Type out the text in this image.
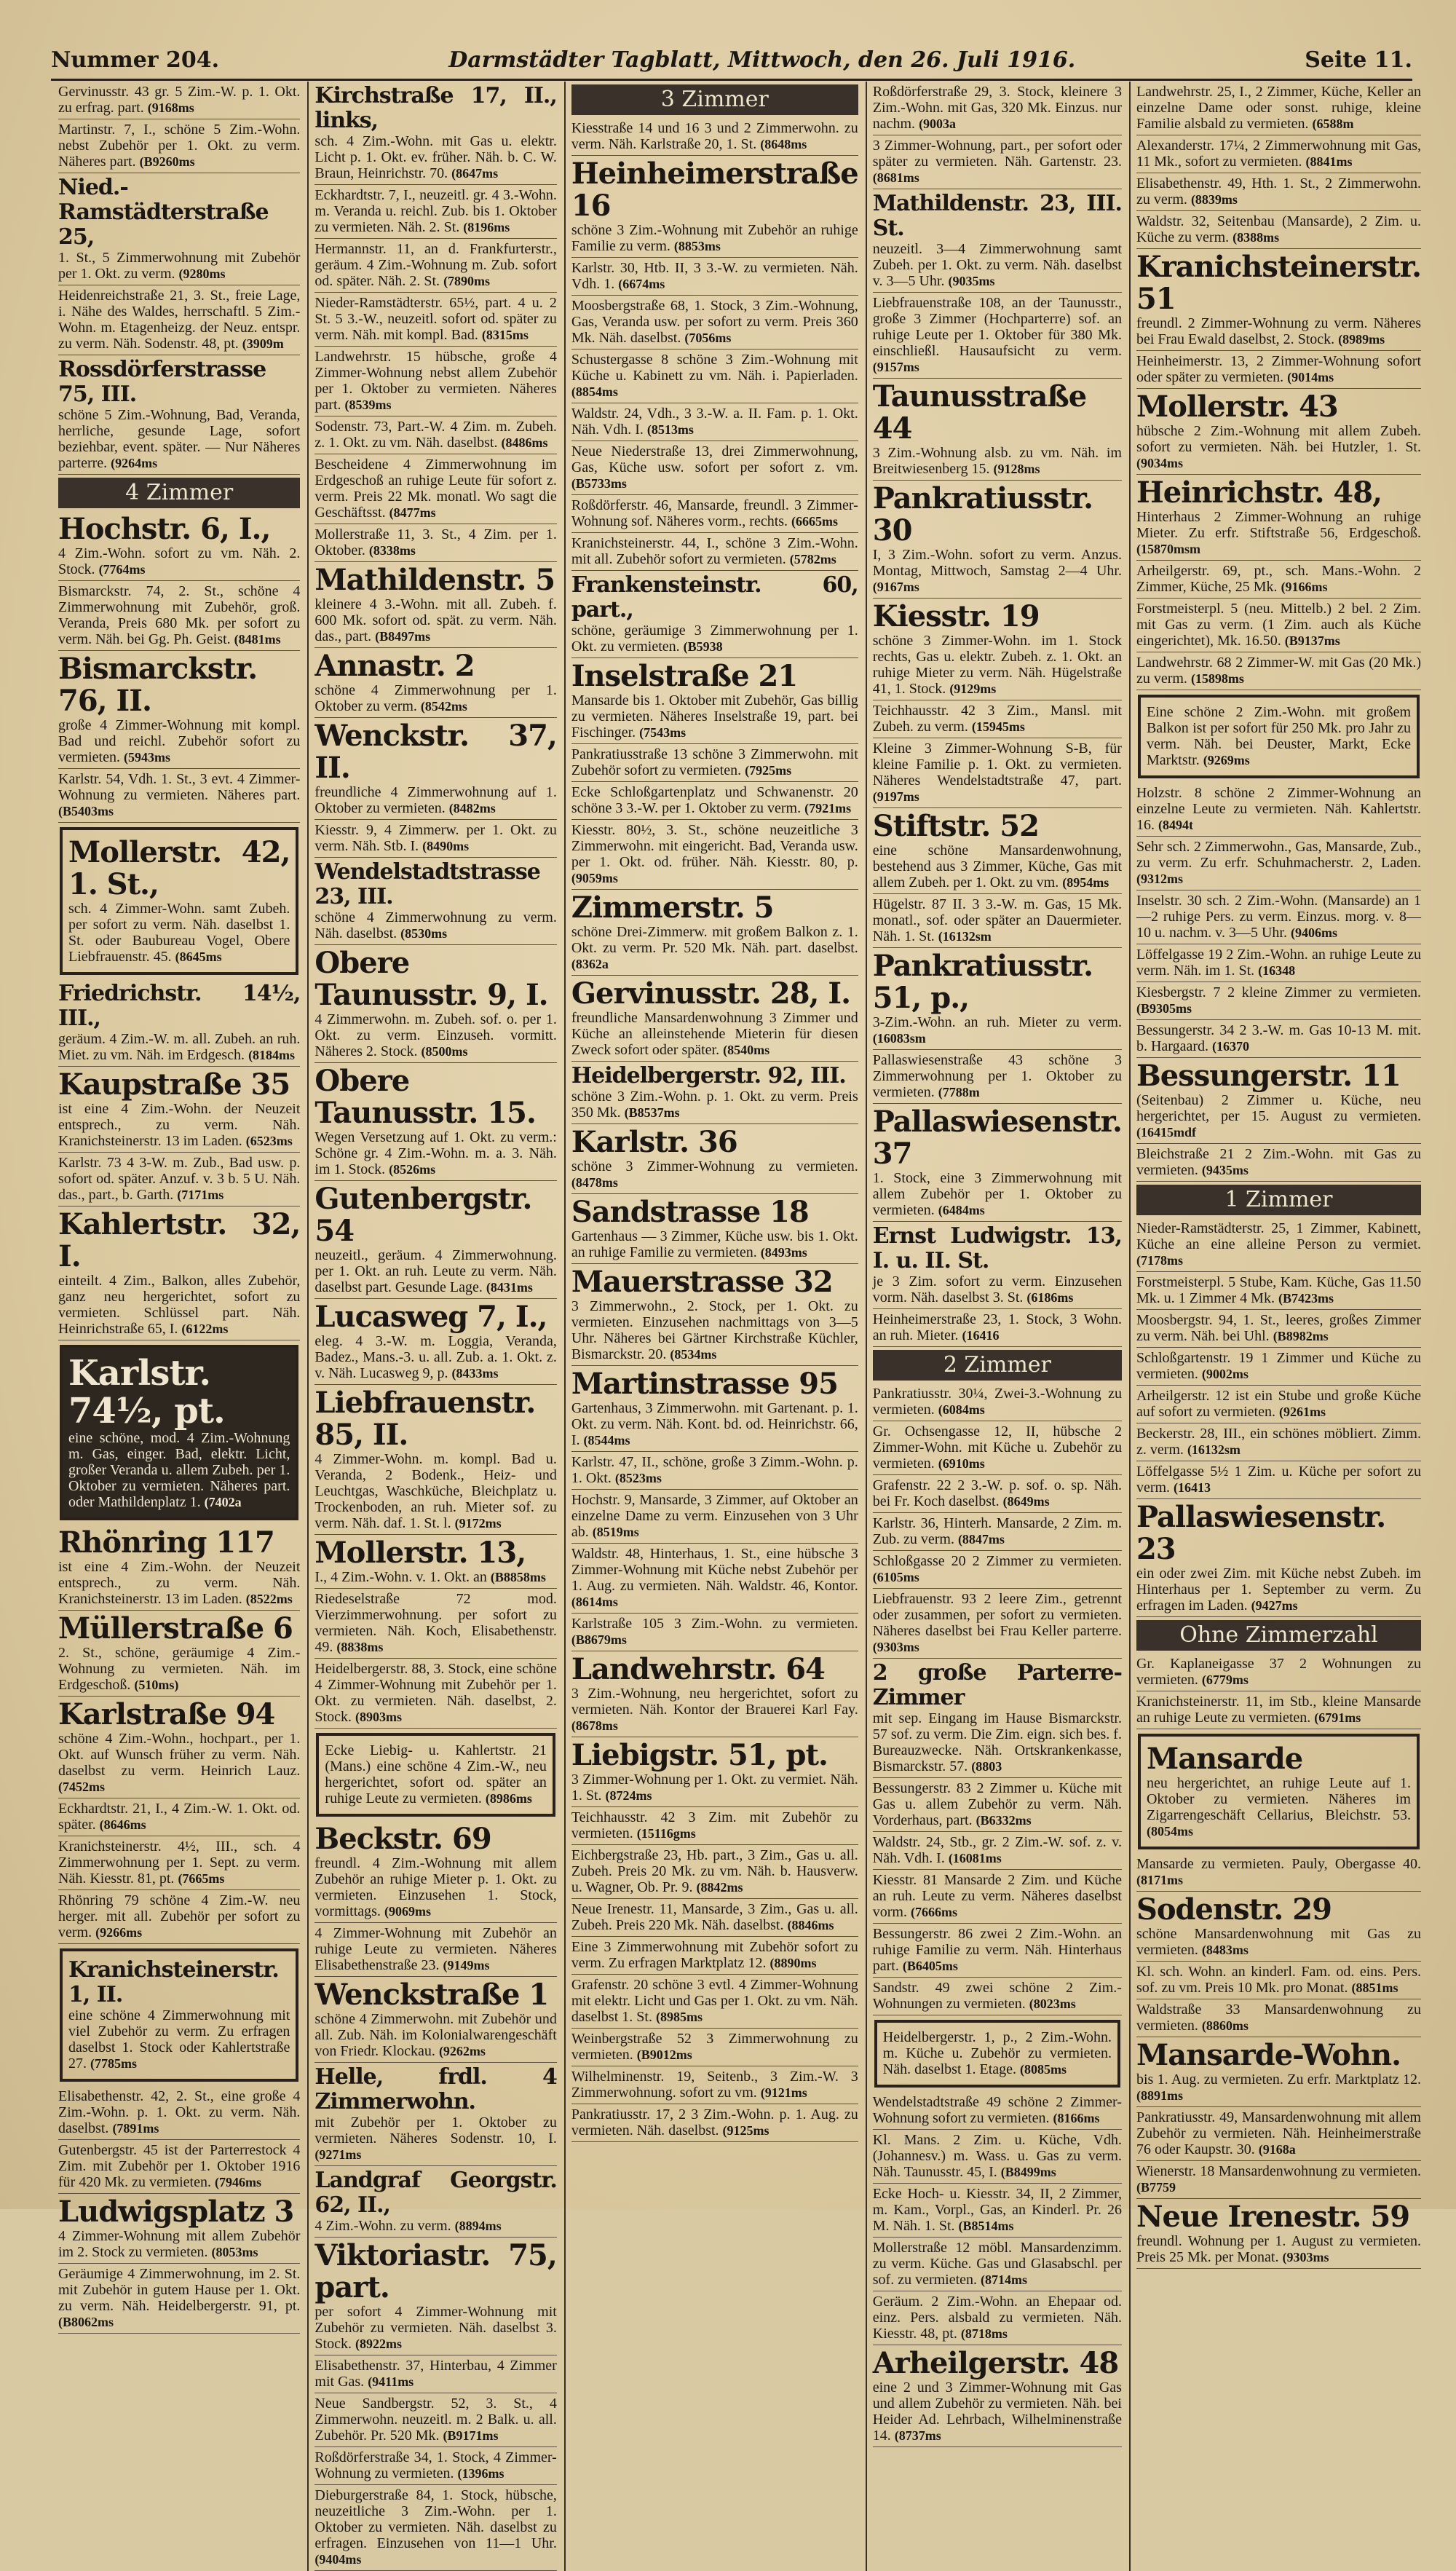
Nummer 204.	Darmstädter Tagblatt, Mittwoch, den 26. Juli 1916.	Seite 11.
Gervinusstr. 43 gr. 5 Zim.-W. p. 1. Okt. zu erfrag. part. (9168ms
Martinstr. 7, I., schöne 5 Zim.-Wohn. nebst Zubehör per 1. Okt. zu verm. Näheres part. (B9260ms
Nied.-Ramstädterstraße 25,
1. St., 5 Zimmerwohnung mit Zubehör per 1. Okt. zu verm. (9280ms
Heidenreichstraße 21, 3. St., freie Lage, i. Nähe des Waldes, herrschaftl. 5 Zim.-Wohn. m. Etagenheizg. der Neuz. entspr. zu verm. Näh. Sodenstr. 48, pt. (3909m
Rossdörferstrasse 75, III.
schöne 5 Zim.-Wohnung, Bad, Veranda, herrliche, gesunde Lage, sofort beziehbar, event. später. — Nur Näheres parterre. (9264ms
4 Zimmer
Hochstr. 6, I.,
4 Zim.-Wohn. sofort zu vm. Näh. 2. Stock. (7764ms
Bismarckstr. 74, 2. St., schöne 4 Zimmerwohnung mit Zubehör, groß. Veranda, Preis 680 Mk. per sofort zu verm. Näh. bei Gg. Ph. Geist. (8481ms
Bismarckstr. 76, II.
große 4 Zimmer-Wohnung mit kompl. Bad und reichl. Zubehör sofort zu vermieten. (5943ms
Karlstr. 54, Vdh. 1. St., 3 evt. 4 Zimmer-Wohnung zu vermieten. Näheres part. (B5403ms
Mollerstr. 42, 1. St.,
sch. 4 Zimmer-Wohn. samt Zubeh. per sofort zu verm. Näh. daselbst 1. St. oder Baubureau Vogel, Obere Liebfrauenstr. 45. (8645ms
Friedrichstr. 14½, III.,
geräum. 4 Zim.-W. m. all. Zubeh. an ruh. Miet. zu vm. Näh. im Erdgesch. (8184ms
Kaupstraße 35
ist eine 4 Zim.-Wohn. der Neuzeit entsprech., zu verm. Näh. Kranichsteinerstr. 13 im Laden. (6523ms
Karlstr. 73 4 3-W. m. Zub., Bad usw. p. sofort od. später. Anzuf. v. 3 b. 5 U. Näh. das., part., b. Garth. (7171ms
Kahlertstr. 32, I.
einteilt. 4 Zim., Balkon, alles Zubehör, ganz neu hergerichtet, sofort zu vermieten. Schlüssel part. Näh. Heinrichstraße 65, I. (6122ms
Karlstr. 74½, pt.
eine schöne, mod. 4 Zim.-Wohnung m. Gas, einger. Bad, elektr. Licht, großer Veranda u. allem Zubeh. per 1. Oktober zu vermieten. Näheres part. oder Mathildenplatz 1. (7402a
Rhönring 117
ist eine 4 Zim.-Wohn. der Neuzeit entsprech., zu verm. Näh. Kranichsteinerstr. 13 im Laden. (8522ms
Müllerstraße 6
2. St., schöne, geräumige 4 Zim.-Wohnung zu vermieten. Näh. im Erdgeschoß. (510ms)
Karlstraße 94
schöne 4 Zim.-Wohn., hochpart., per 1. Okt. auf Wunsch früher zu verm. Näh. daselbst zu verm. Heinrich Lauz. (7452ms
Eckhardtstr. 21, I., 4 Zim.-W. 1. Okt. od. später. (8646ms
Kranichsteinerstr. 4½, III., sch. 4 Zimmerwohnung per 1. Sept. zu verm. Näh. Kiesstr. 81, pt. (7665ms
Rhönring 79 schöne 4 Zim.-W. neu herger. mit all. Zubehör per sofort zu verm. (9266ms
Kranichsteinerstr. 1, II.
eine schöne 4 Zimmerwohnung mit viel Zubehör zu verm. Zu erfragen daselbst 1. Stock oder Kahlertstraße 27. (7785ms
Elisabethenstr. 42, 2. St., eine große 4 Zim.-Wohn. p. 1. Okt. zu verm. Näh. daselbst. (7891ms
Gutenbergstr. 45 ist der Parterrestock 4 Zim. mit Zubehör per 1. Oktober 1916 für 420 Mk. zu vermieten. (7946ms
Ludwigsplatz 3
4 Zimmer-Wohnung mit allem Zubehör im 2. Stock zu vermieten. (8053ms
Geräumige 4 Zimmerwohnung, im 2. St. mit Zubehör in gutem Hause per 1. Okt. zu verm. Näh. Heidelbergerstr. 91, pt. (B8062ms
Kirchstraße 17, II., links,
sch. 4 Zim.-Wohn. mit Gas u. elektr. Licht p. 1. Okt. ev. früher. Näh. b. C. W. Braun, Heinrichstr. 70. (8647ms
Eckhardtstr. 7, I., neuzeitl. gr. 4 3.-Wohn. m. Veranda u. reichl. Zub. bis 1. Oktober zu vermieten. Näh. 2. St. (8196ms
Hermannstr. 11, an d. Frankfurterstr., geräum. 4 Zim.-Wohnung m. Zub. sofort od. später. Näh. 2. St. (7890ms
Nieder-Ramstädterstr. 65½, part. 4 u. 2 St. 5 3.-W., neuzeitl. sofort od. später zu verm. Näh. mit kompl. Bad. (8315ms
Landwehrstr. 15 hübsche, große 4 Zimmer-Wohnung nebst allem Zubehör per 1. Oktober zu vermieten. Näheres part. (8539ms
Sodenstr. 73, Part.-W. 4 Zim. m. Zubeh. z. 1. Okt. zu vm. Näh. daselbst. (8486ms
Bescheidene 4 Zimmerwohnung im Erdgeschoß an ruhige Leute für sofort z. verm. Preis 22 Mk. monatl. Wo sagt die Geschäftsst. (8477ms
Mollerstraße 11, 3. St., 4 Zim. per 1. Oktober. (8338ms
Mathildenstr. 5
kleinere 4 3.-Wohn. mit all. Zubeh. f. 600 Mk. sofort od. spät. zu verm. Näh. das., part. (B8497ms
Annastr. 2
schöne 4 Zimmerwohnung per 1. Oktober zu verm. (8542ms
Wenckstr. 37, II.
freundliche 4 Zimmerwohnung auf 1. Oktober zu vermieten. (8482ms
Kiesstr. 9, 4 Zimmerw. per 1. Okt. zu verm. Näh. Stb. I. (8490ms
Wendelstadtstrasse 23, III.
schöne 4 Zimmerwohnung zu verm. Näh. daselbst. (8530ms
Obere Taunusstr. 9, I.
4 Zimmerwohn. m. Zubeh. sof. o. per 1. Okt. zu verm. Einzuseh. vormitt. Näheres 2. Stock. (8500ms
Obere Taunusstr. 15.
Wegen Versetzung auf 1. Okt. zu verm.: Schöne gr. 4 Zim.-Wohn. m. a. 3. Näh. im 1. Stock. (8526ms
Gutenbergstr. 54
neuzeitl., geräum. 4 Zimmerwohnung. per 1. Okt. an ruh. Leute zu verm. Näh. daselbst part. Gesunde Lage. (8431ms
Lucasweg 7, I.,
eleg. 4 3.-W. m. Loggia, Veranda, Badez., Mans.-3. u. all. Zub. a. 1. Okt. z. v. Näh. Lucasweg 9, p. (8433ms
Liebfrauenstr. 85, II.
4 Zimmer-Wohn. m. kompl. Bad u. Veranda, 2 Bodenk., Heiz- und Leuchtgas, Waschküche, Bleichplatz u. Trockenboden, an ruh. Mieter sof. zu verm. Näh. daf. 1. St. l. (9172ms
Mollerstr. 13,
I., 4 Zim.-Wohn. v. 1. Okt. an (B8858ms
Riedeselstraße 72 mod. Vierzimmerwohnung. per sofort zu vermieten. Näh. Koch, Elisabethenstr. 49. (8838ms
Heidelbergerstr. 88, 3. Stock, eine schöne 4 Zimmer-Wohnung mit Zubehör per 1. Okt. zu vermieten. Näh. daselbst, 2. Stock. (8903ms
Ecke Liebig- u. Kahlertstr. 21 (Mans.) eine schöne 4 Zim.-W., neu hergerichtet, sofort od. später an ruhige Leute zu vermieten. (8986ms
Beckstr. 69
freundl. 4 Zim.-Wohnung mit allem Zubehör an ruhige Mieter p. 1. Okt. zu vermieten. Einzusehen 1. Stock, vormittags. (9069ms
4 Zimmer-Wohnung mit Zubehör an ruhige Leute zu vermieten. Näheres Elisabethenstraße 23. (9149ms
Wenckstraße 1
schöne 4 Zimmerwohn. mit Zubehör und all. Zub. Näh. im Kolonialwarengeschäft von Friedr. Klockau. (9262ms
Helle, frdl. 4 Zimmerwohn.
mit Zubehör per 1. Oktober zu vermieten. Näheres Sodenstr. 10, I. (9271ms
Landgraf Georgstr. 62, II.,
4 Zim.-Wohn. zu verm. (8894ms
Viktoriastr. 75, part.
per sofort 4 Zimmer-Wohnung mit Zubehör zu vermieten. Näh. daselbst 3. Stock. (8922ms
Elisabethenstr. 37, Hinterbau, 4 Zimmer mit Gas. (9411ms
Neue Sandbergstr. 52, 3. St., 4 Zimmerwohn. neuzeitl. m. 2 Balk. u. all. Zubehör. Pr. 520 Mk. (B9171ms
Roßdörferstraße 34, 1. Stock, 4 Zimmer-Wohnung zu vermieten. (1396ms
Dieburgerstraße 84, 1. Stock, hübsche, neuzeitliche 3 Zim.-Wohn. per 1. Oktober zu vermieten. Näh. daselbst zu erfragen. Einzusehen von 11—1 Uhr. (9404ms
3 Zimmer
Kiesstraße 14 und 16 3 und 2 Zimmerwohn. zu verm. Näh. Karlstraße 20, 1. St. (8648ms
Heinheimerstraße 16
schöne 3 Zim.-Wohnung mit Zubehör an ruhige Familie zu verm. (8853ms
Karlstr. 30, Htb. II, 3 3.-W. zu vermieten. Näh. Vdh. 1. (6674ms
Moosbergstraße 68, 1. Stock, 3 Zim.-Wohnung, Gas, Veranda usw. per sofort zu verm. Preis 360 Mk. Näh. daselbst. (7056ms
Schustergasse 8 schöne 3 Zim.-Wohnung mit Küche u. Kabinett zu vm. Näh. i. Papierladen. (8854ms
Waldstr. 24, Vdh., 3 3.-W. a. II. Fam. p. 1. Okt. Näh. Vdh. I. (8513ms
Neue Niederstraße 13, drei Zimmerwohnung, Gas, Küche usw. sofort per sofort z. vm. (B5733ms
Roßdörferstr. 46, Mansarde, freundl. 3 Zimmer-Wohnung sof. Näheres vorm., rechts. (6665ms
Kranichsteinerstr. 44, I., schöne 3 Zim.-Wohn. mit all. Zubehör sofort zu vermieten. (5782ms
Frankensteinstr. 60, part.,
schöne, geräumige 3 Zimmerwohnung per 1. Okt. zu vermieten. (B5938
Inselstraße 21
Mansarde bis 1. Oktober mit Zubehör, Gas billig zu vermieten. Näheres Inselstraße 19, part. bei Fischinger. (7543ms
Pankratiusstraße 13 schöne 3 Zimmerwohn. mit Zubehör sofort zu vermieten. (7925ms
Ecke Schloßgartenplatz und Schwanenstr. 20 schöne 3 3.-W. per 1. Oktober zu verm. (7921ms
Kiesstr. 80½, 3. St., schöne neuzeitliche 3 Zimmerwohn. mit eingericht. Bad, Veranda usw. per 1. Okt. od. früher. Näh. Kiesstr. 80, p. (9059ms
Zimmerstr. 5
schöne Drei-Zimmerw. mit großem Balkon z. 1. Okt. zu verm. Pr. 520 Mk. Näh. part. daselbst. (8362a
Gervinusstr. 28, I.
freundliche Mansardenwohnung 3 Zimmer und Küche an alleinstehende Mieterin für diesen Zweck sofort oder später. (8540ms
Heidelbergerstr. 92, III.
schöne 3 Zim.-Wohn. p. 1. Okt. zu verm. Preis 350 Mk. (B8537ms
Karlstr. 36
schöne 3 Zimmer-Wohnung zu vermieten. (8478ms
Sandstrasse 18
Gartenhaus — 3 Zimmer, Küche usw. bis 1. Okt. an ruhige Familie zu vermieten. (8493ms
Mauerstrasse 32
3 Zimmerwohn., 2. Stock, per 1. Okt. zu vermieten. Einzusehen nachmittags von 3—5 Uhr. Näheres bei Gärtner Kirchstraße Küchler, Bismarckstr. 20. (8534ms
Martinstrasse 95
Gartenhaus, 3 Zimmerwohn. mit Gartenant. p. 1. Okt. zu verm. Näh. Kont. bd. od. Heinrichstr. 66, I. (8544ms
Karlstr. 47, II., schöne, große 3 Zimm.-Wohn. p. 1. Okt. (8523ms
Hochstr. 9, Mansarde, 3 Zimmer, auf Oktober an einzelne Dame zu verm. Einzusehen von 3 Uhr ab. (8519ms
Waldstr. 48, Hinterhaus, 1. St., eine hübsche 3 Zimmer-Wohnung mit Küche nebst Zubehör per 1. Aug. zu vermieten. Näh. Waldstr. 46, Kontor. (8614ms
Karlstraße 105 3 Zim.-Wohn. zu vermieten. (B8679ms
Landwehrstr. 64
3 Zim.-Wohnung, neu hergerichtet, sofort zu vermieten. Näh. Kontor der Brauerei Karl Fay. (8678ms
Liebigstr. 51, pt.
3 Zimmer-Wohnung per 1. Okt. zu vermiet. Näh. 1. St. (8724ms
Teichhausstr. 42 3 Zim. mit Zubehör zu vermieten. (15116gms
Eichbergstraße 23, Hb. part., 3 Zim., Gas u. all. Zubeh. Preis 20 Mk. zu vm. Näh. b. Hausverw. u. Wagner, Ob. Pr. 9. (8842ms
Neue Irenestr. 11, Mansarde, 3 Zim., Gas u. all. Zubeh. Preis 220 Mk. Näh. daselbst. (8846ms
Eine 3 Zimmerwohnung mit Zubehör sofort zu verm. Zu erfragen Marktplatz 12. (8890ms
Grafenstr. 20 schöne 3 evtl. 4 Zimmer-Wohnung mit elektr. Licht und Gas per 1. Okt. zu vm. Näh. daselbst 1. St. (8985ms
Weinbergstraße 52 3 Zimmerwohnung zu vermieten. (B9012ms
Wilhelminenstr. 19, Seitenb., 3 Zim.-W. 3 Zimmerwohnung. sofort zu vm. (9121ms
Pankratiusstr. 17, 2 3 Zim.-Wohn. p. 1. Aug. zu vermieten. Näh. daselbst. (9125ms
Roßdörferstraße 29, 3. Stock, kleinere 3 Zim.-Wohn. mit Gas, 320 Mk. Einzus. nur nachm. (9003a
3 Zimmer-Wohnung, part., per sofort oder später zu vermieten. Näh. Gartenstr. 23. (8681ms
Mathildenstr. 23, III. St.
neuzeitl. 3—4 Zimmerwohnung samt Zubeh. per 1. Okt. zu verm. Näh. daselbst v. 3—5 Uhr. (9035ms
Liebfrauenstraße 108, an der Taunusstr., große 3 Zimmer (Hochparterre) sof. an ruhige Leute per 1. Oktober für 380 Mk. einschließl. Hausaufsicht zu verm. (9157ms
Taunusstraße 44
3 Zim.-Wohnung alsb. zu vm. Näh. im Breitwiesenberg 15. (9128ms
Pankratiusstr. 30
I, 3 Zim.-Wohn. sofort zu verm. Anzus. Montag, Mittwoch, Samstag 2—4 Uhr. (9167ms
Kiesstr. 19
schöne 3 Zimmer-Wohn. im 1. Stock rechts, Gas u. elektr. Zubeh. z. 1. Okt. an ruhige Mieter zu verm. Näh. Hügelstraße 41, 1. Stock. (9129ms
Teichhausstr. 42 3 Zim., Mansl. mit Zubeh. zu verm. (15945ms
Kleine 3 Zimmer-Wohnung S-B, für kleine Familie p. 1. Okt. zu vermieten. Näheres Wendelstadtstraße 47, part. (9197ms
Stiftstr. 52
eine schöne Mansardenwohnung, bestehend aus 3 Zimmer, Küche, Gas mit allem Zubeh. per 1. Okt. zu vm. (8954ms
Hügelstr. 87 II. 3 3.-W. m. Gas, 15 Mk. monatl., sof. oder später an Dauermieter. Näh. 1. St. (16132sm
Pankratiusstr. 51, p.,
3-Zim.-Wohn. an ruh. Mieter zu verm. (16083sm
Pallaswiesenstraße 43 schöne 3 Zimmerwohnung per 1. Oktober zu vermieten. (7788m
Pallaswiesenstr. 37
1. Stock, eine 3 Zimmerwohnung mit allem Zubehör per 1. Oktober zu vermieten. (6484ms
Ernst Ludwigstr. 13, I. u. II. St.
je 3 Zim. sofort zu verm. Einzusehen vorm. Näh. daselbst 3. St. (6186ms
Heinheimerstraße 23, 1. Stock, 3 Wohn. an ruh. Mieter. (16416
2 Zimmer
Pankratiusstr. 30¼, Zwei-3.-Wohnung zu vermieten. (6084ms
Gr. Ochsengasse 12, II, hübsche 2 Zimmer-Wohn. mit Küche u. Zubehör zu vermieten. (6910ms
Grafenstr. 22 2 3.-W. p. sof. o. sp. Näh. bei Fr. Koch daselbst. (8649ms
Karlstr. 36, Hinterh. Mansarde, 2 Zim. m. Zub. zu verm. (8847ms
Schloßgasse 20 2 Zimmer zu vermieten. (6105ms
Liebfrauenstr. 93 2 leere Zim., getrennt oder zusammen, per sofort zu vermieten. Näheres daselbst bei Frau Keller parterre. (9303ms
2 große Parterre-Zimmer
mit sep. Eingang im Hause Bismarckstr. 57 sof. zu verm. Die Zim. eign. sich bes. f. Bureauzwecke. Näh. Ortskrankenkasse, Bismarckstr. 57. (8803
Bessungerstr. 83 2 Zimmer u. Küche mit Gas u. allem Zubehör zu verm. Näh. Vorderhaus, part. (B6332ms
Waldstr. 24, Stb., gr. 2 Zim.-W. sof. z. v. Näh. Vdh. I. (16081ms
Kiesstr. 81 Mansarde 2 Zim. und Küche an ruh. Leute zu verm. Näheres daselbst vorm. (7666ms
Bessungerstr. 86 zwei 2 Zim.-Wohn. an ruhige Familie zu verm. Näh. Hinterhaus part. (B6405ms
Sandstr. 49 zwei schöne 2 Zim.-Wohnungen zu vermieten. (8023ms
Heidelbergerstr. 1, p., 2 Zim.-Wohn. m. Küche u. Zubehör zu vermieten. Näh. daselbst 1. Etage. (8085ms
Wendelstadtstraße 49 schöne 2 Zimmer-Wohnung sofort zu vermieten. (8166ms
Kl. Mans. 2 Zim. u. Küche, Vdh. (Johannesv.) m. Wass. u. Gas zu verm. Näh. Taunusstr. 45, I. (B8499ms
Ecke Hoch- u. Kiesstr. 34, II, 2 Zimmer, m. Kam., Vorpl., Gas, an Kinderl. Pr. 26 M. Näh. 1. St. (B8514ms
Mollerstraße 12 möbl. Mansardenzimm. zu verm. Küche. Gas und Glasabschl. per sof. zu vermieten. (8714ms
Geräum. 2 Zim.-Wohn. an Ehepaar od. einz. Pers. alsbald zu vermieten. Näh. Kiesstr. 48, pt. (8718ms
Arheilgerstr. 48
eine 2 und 3 Zimmer-Wohnung mit Gas und allem Zubehör zu vermieten. Näh. bei Heider Ad. Lehrbach, Wilhelminenstraße 14. (8737ms
Landwehrstr. 25, I., 2 Zimmer, Küche, Keller an einzelne Dame oder sonst. ruhige, kleine Familie alsbald zu vermieten. (6588m
Alexanderstr. 17¼, 2 Zimmerwohnung mit Gas, 11 Mk., sofort zu vermieten. (8841ms
Elisabethenstr. 49, Hth. 1. St., 2 Zimmerwohn. zu verm. (8839ms
Waldstr. 32, Seitenbau (Mansarde), 2 Zim. u. Küche zu verm. (8388ms
Kranichsteinerstr. 51
freundl. 2 Zimmer-Wohnung zu verm. Näheres bei Frau Ewald daselbst, 2. Stock. (8989ms
Heinheimerstr. 13, 2 Zimmer-Wohnung sofort oder später zu vermieten. (9014ms
Mollerstr. 43
hübsche 2 Zim.-Wohnung mit allem Zubeh. sofort zu vermieten. Näh. bei Hutzler, 1. St. (9034ms
Heinrichstr. 48,
Hinterhaus 2 Zimmer-Wohnung an ruhige Mieter. Zu erfr. Stiftstraße 56, Erdgeschoß. (15870msm
Arheilgerstr. 69, pt., sch. Mans.-Wohn. 2 Zimmer, Küche, 25 Mk. (9166ms
Forstmeisterpl. 5 (neu. Mittelb.) 2 bel. 2 Zim. mit Gas zu verm. (1 Zim. auch als Küche eingerichtet), Mk. 16.50. (B9137ms
Landwehrstr. 68 2 Zimmer-W. mit Gas (20 Mk.) zu verm. (15898ms
Eine schöne 2 Zim.-Wohn. mit großem Balkon ist per sofort für 250 Mk. pro Jahr zu verm. Näh. bei Deuster, Markt, Ecke Marktstr. (9269ms
Holzstr. 8 schöne 2 Zimmer-Wohnung an einzelne Leute zu vermieten. Näh. Kahlertstr. 16. (8494t
Sehr sch. 2 Zimmerwohn., Gas, Mansarde, Zub., zu verm. Zu erfr. Schuhmacherstr. 2, Laden. (9312ms
Inselstr. 30 sch. 2 Zim.-Wohn. (Mansarde) an 1—2 ruhige Pers. zu verm. Einzus. morg. v. 8—10 u. nachm. v. 3—5 Uhr. (9406ms
Löffelgasse 19 2 Zim.-Wohn. an ruhige Leute zu verm. Näh. im 1. St. (16348
Kiesbergstr. 7 2 kleine Zimmer zu vermieten. (B9305ms
Bessungerstr. 34 2 3.-W. m. Gas 10-13 M. mit. b. Hargaard. (16370
Bessungerstr. 11
(Seitenbau) 2 Zimmer u. Küche, neu hergerichtet, per 15. August zu vermieten. (16415mdf
Bleichstraße 21 2 Zim.-Wohn. mit Gas zu vermieten. (9435ms
1 Zimmer
Nieder-Ramstädterstr. 25, 1 Zimmer, Kabinett, Küche an eine alleine Person zu vermiet. (7178ms
Forstmeisterpl. 5 Stube, Kam. Küche, Gas 11.50 Mk. u. 1 Zimmer 4 Mk. (B7423ms
Moosbergstr. 94, 1. St., leeres, großes Zimmer zu verm. Näh. bei Uhl. (B8982ms
Schloßgartenstr. 19 1 Zimmer und Küche zu vermieten. (9002ms
Arheilgerstr. 12 ist ein Stube und große Küche auf sofort zu vermieten. (9261ms
Beckerstr. 28, III., ein schönes möbliert. Zimm. z. verm. (16132sm
Löffelgasse 5½ 1 Zim. u. Küche per sofort zu verm. (16413
Pallaswiesenstr. 23
ein oder zwei Zim. mit Küche nebst Zubeh. im Hinterhaus per 1. September zu verm. Zu erfragen im Laden. (9427ms
Ohne Zimmerzahl
Gr. Kaplaneigasse 37 2 Wohnungen zu vermieten. (6779ms
Kranichsteinerstr. 11, im Stb., kleine Mansarde an ruhige Leute zu vermieten. (6791ms
Mansarde
neu hergerichtet, an ruhige Leute auf 1. Oktober zu vermieten. Näheres im Zigarrengeschäft Cellarius, Bleichstr. 53. (8054ms
Mansarde zu vermieten. Pauly, Obergasse 40. (8171ms
Sodenstr. 29
schöne Mansardenwohnung mit Gas zu vermieten. (8483ms
Kl. sch. Wohn. an kinderl. Fam. od. eins. Pers. sof. zu vm. Preis 10 Mk. pro Monat. (8851ms
Waldstraße 33 Mansardenwohnung zu vermieten. (8860ms
Mansarde-Wohn.
bis 1. Aug. zu vermieten. Zu erfr. Marktplatz 12. (8891ms
Pankratiusstr. 49, Mansardenwohnung mit allem Zubehör zu vermieten. Näh. Heinheimerstraße 76 oder Kaupstr. 30. (9168a
Wienerstr. 18 Mansardenwohnung zu vermieten. (B7759
Neue Irenestr. 59
freundl. Wohnung per 1. August zu vermieten. Preis 25 Mk. per Monat. (9303ms
